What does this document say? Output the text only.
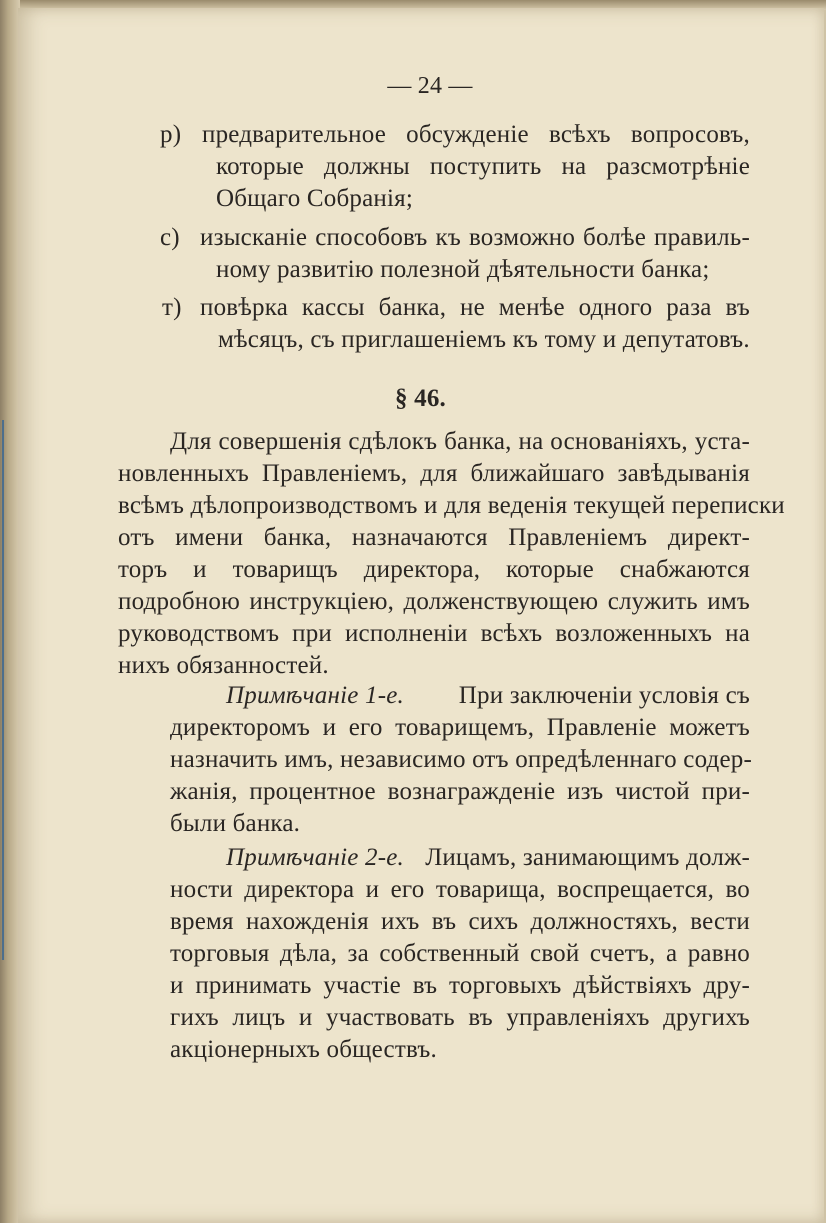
— 24 —
р) предварительное обсужденіе всѣхъ вопросовъ,
которые должны поступить на разсмотрѣніе
Общаго Собранія;
с) изысканіе способовъ къ возможно болѣе правиль-
ному развитію полезной дѣятельности банка;
т) повѣрка кассы банка, не менѣе одного раза въ
мѣсяцъ, съ приглашеніемъ къ тому и депутатовъ.
§ 46.
Для совершенія сдѣлокъ банка, на основаніяхъ, уста-
новленныхъ Правленіемъ, для ближайшаго завѣдыванія
всѣмъ дѣлопроизводствомъ и для веденія текущей переписки
отъ имени банка, назначаются Правленіемъ директ-
торъ и товарищъ директора, которые снабжаются
подробною инструкціею, долженствующею служить имъ
руководствомъ при исполненіи всѣхъ возложенныхъ на
нихъ обязанностей.
Примѣчаніе 1-е. При заключеніи условія съ
директоромъ и его товарищемъ, Правленіе можетъ
назначить имъ, независимо отъ опредѣленнаго содер-
жанія, процентное вознагражденіе изъ чистой при-
были банка.
Примѣчаніе 2-е. Лицамъ, занимающимъ долж-
ности директора и его товарища, воспрещается, во
время нахожденія ихъ въ сихъ должностяхъ, вести
торговыя дѣла, за собственный свой счетъ, а равно
и принимать участіе въ торговыхъ дѣйствіяхъ дру-
гихъ лицъ и участвовать въ управленіяхъ другихъ
акціонерныхъ обществъ.
